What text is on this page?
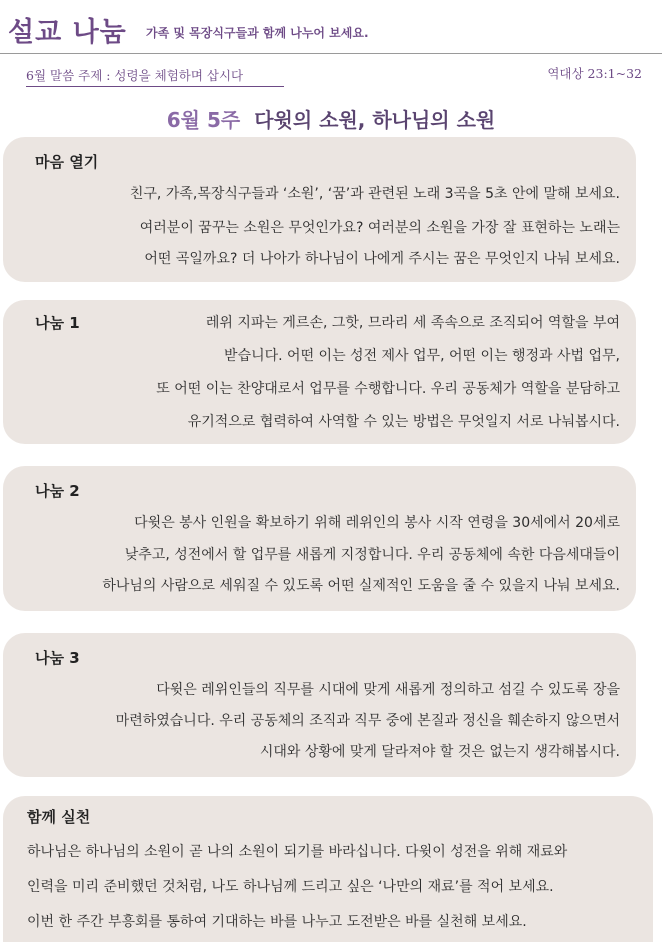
설교 나눔 가족 및 목장식구들과 함께 나누어 보세요.
6월 말씀 주제 : 성령을 체험하며 삽시다	역대상 23:1~32
6월 5주 다윗의 소원, 하나님의 소원
마음 열기
친구, 가족,목장식구들과 ‘소원’, ‘꿈’과 관련된 노래 3곡을 5초 안에 말해 보세요.
여러분이 꿈꾸는 소원은 무엇인가요? 여러분의 소원을 가장 잘 표현하는 노래는
어떤 곡일까요? 더 나아가 하나님이 나에게 주시는 꿈은 무엇인지 나눠 보세요.
나눔 1	레위 지파는 게르손, 그핫, 므라리 세 족속으로 조직되어 역할을 부여
받습니다. 어떤 이는 성전 제사 업무, 어떤 이는 행정과 사법 업무,
또 어떤 이는 찬양대로서 업무를 수행합니다. 우리 공동체가 역할을 분담하고
유기적으로 협력하여 사역할 수 있는 방법은 무엇일지 서로 나눠봅시다.
나눔 2
다윗은 봉사 인원을 확보하기 위해 레위인의 봉사 시작 연령을 30세에서 20세로
낮추고, 성전에서 할 업무를 새롭게 지정합니다. 우리 공동체에 속한 다음세대들이
하나님의 사람으로 세워질 수 있도록 어떤 실제적인 도움을 줄 수 있을지 나눠 보세요.
나눔 3
다윗은 레위인들의 직무를 시대에 맞게 새롭게 정의하고 섬길 수 있도록 장을
마련하였습니다. 우리 공동체의 조직과 직무 중에 본질과 정신을 훼손하지 않으면서
시대와 상황에 맞게 달라져야 할 것은 없는지 생각해봅시다.
함께 실천
하나님은 하나님의 소원이 곧 나의 소원이 되기를 바라십니다. 다윗이 성전을 위해 재료와
인력을 미리 준비했던 것처럼, 나도 하나님께 드리고 싶은 ‘나만의 재료’를 적어 보세요.
이번 한 주간 부흥회를 통하여 기대하는 바를 나누고 도전받은 바를 실천해 보세요.
